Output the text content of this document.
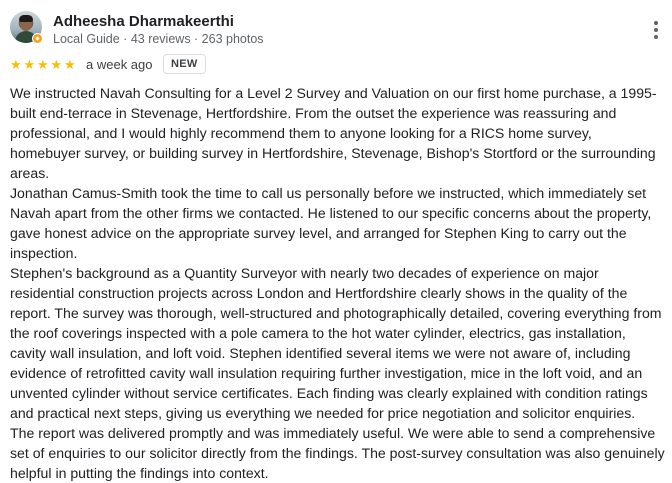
Adheesha Dharmakeerthi
Local Guide · 43 reviews · 263 photos
★ ★ ★ ★ ★ a week ago	NEW

We instructed Navah Consulting for a Level 2 Survey and Valuation on our first home purchase, a 1995-built end-terrace in Stevenage, Hertfordshire. From the outset the experience was reassuring and professional, and I would highly recommend them to anyone looking for a RICS home survey, homebuyer survey, or building survey in Hertfordshire, Stevenage, Bishop's Stortford or the surrounding areas.

Jonathan Camus-Smith took the time to call us personally before we instructed, which immediately set Navah apart from the other firms we contacted. He listened to our specific concerns about the property, gave honest advice on the appropriate survey level, and arranged for Stephen King to carry out the inspection.

Stephen's background as a Quantity Surveyor with nearly two decades of experience on major residential construction projects across London and Hertfordshire clearly shows in the quality of the report. The survey was thorough, well-structured and photographically detailed, covering everything from the roof coverings inspected with a pole camera to the hot water cylinder, electrics, gas installation, cavity wall insulation, and loft void. Stephen identified several items we were not aware of, including evidence of retrofitted cavity wall insulation requiring further investigation, mice in the loft void, and an unvented cylinder without service certificates. Each finding was clearly explained with condition ratings and practical next steps, giving us everything we needed for price negotiation and solicitor enquiries.

The report was delivered promptly and was immediately useful. We were able to send a comprehensive set of enquiries to our solicitor directly from the findings. The post-survey consultation was also genuinely helpful in putting the findings into context.
